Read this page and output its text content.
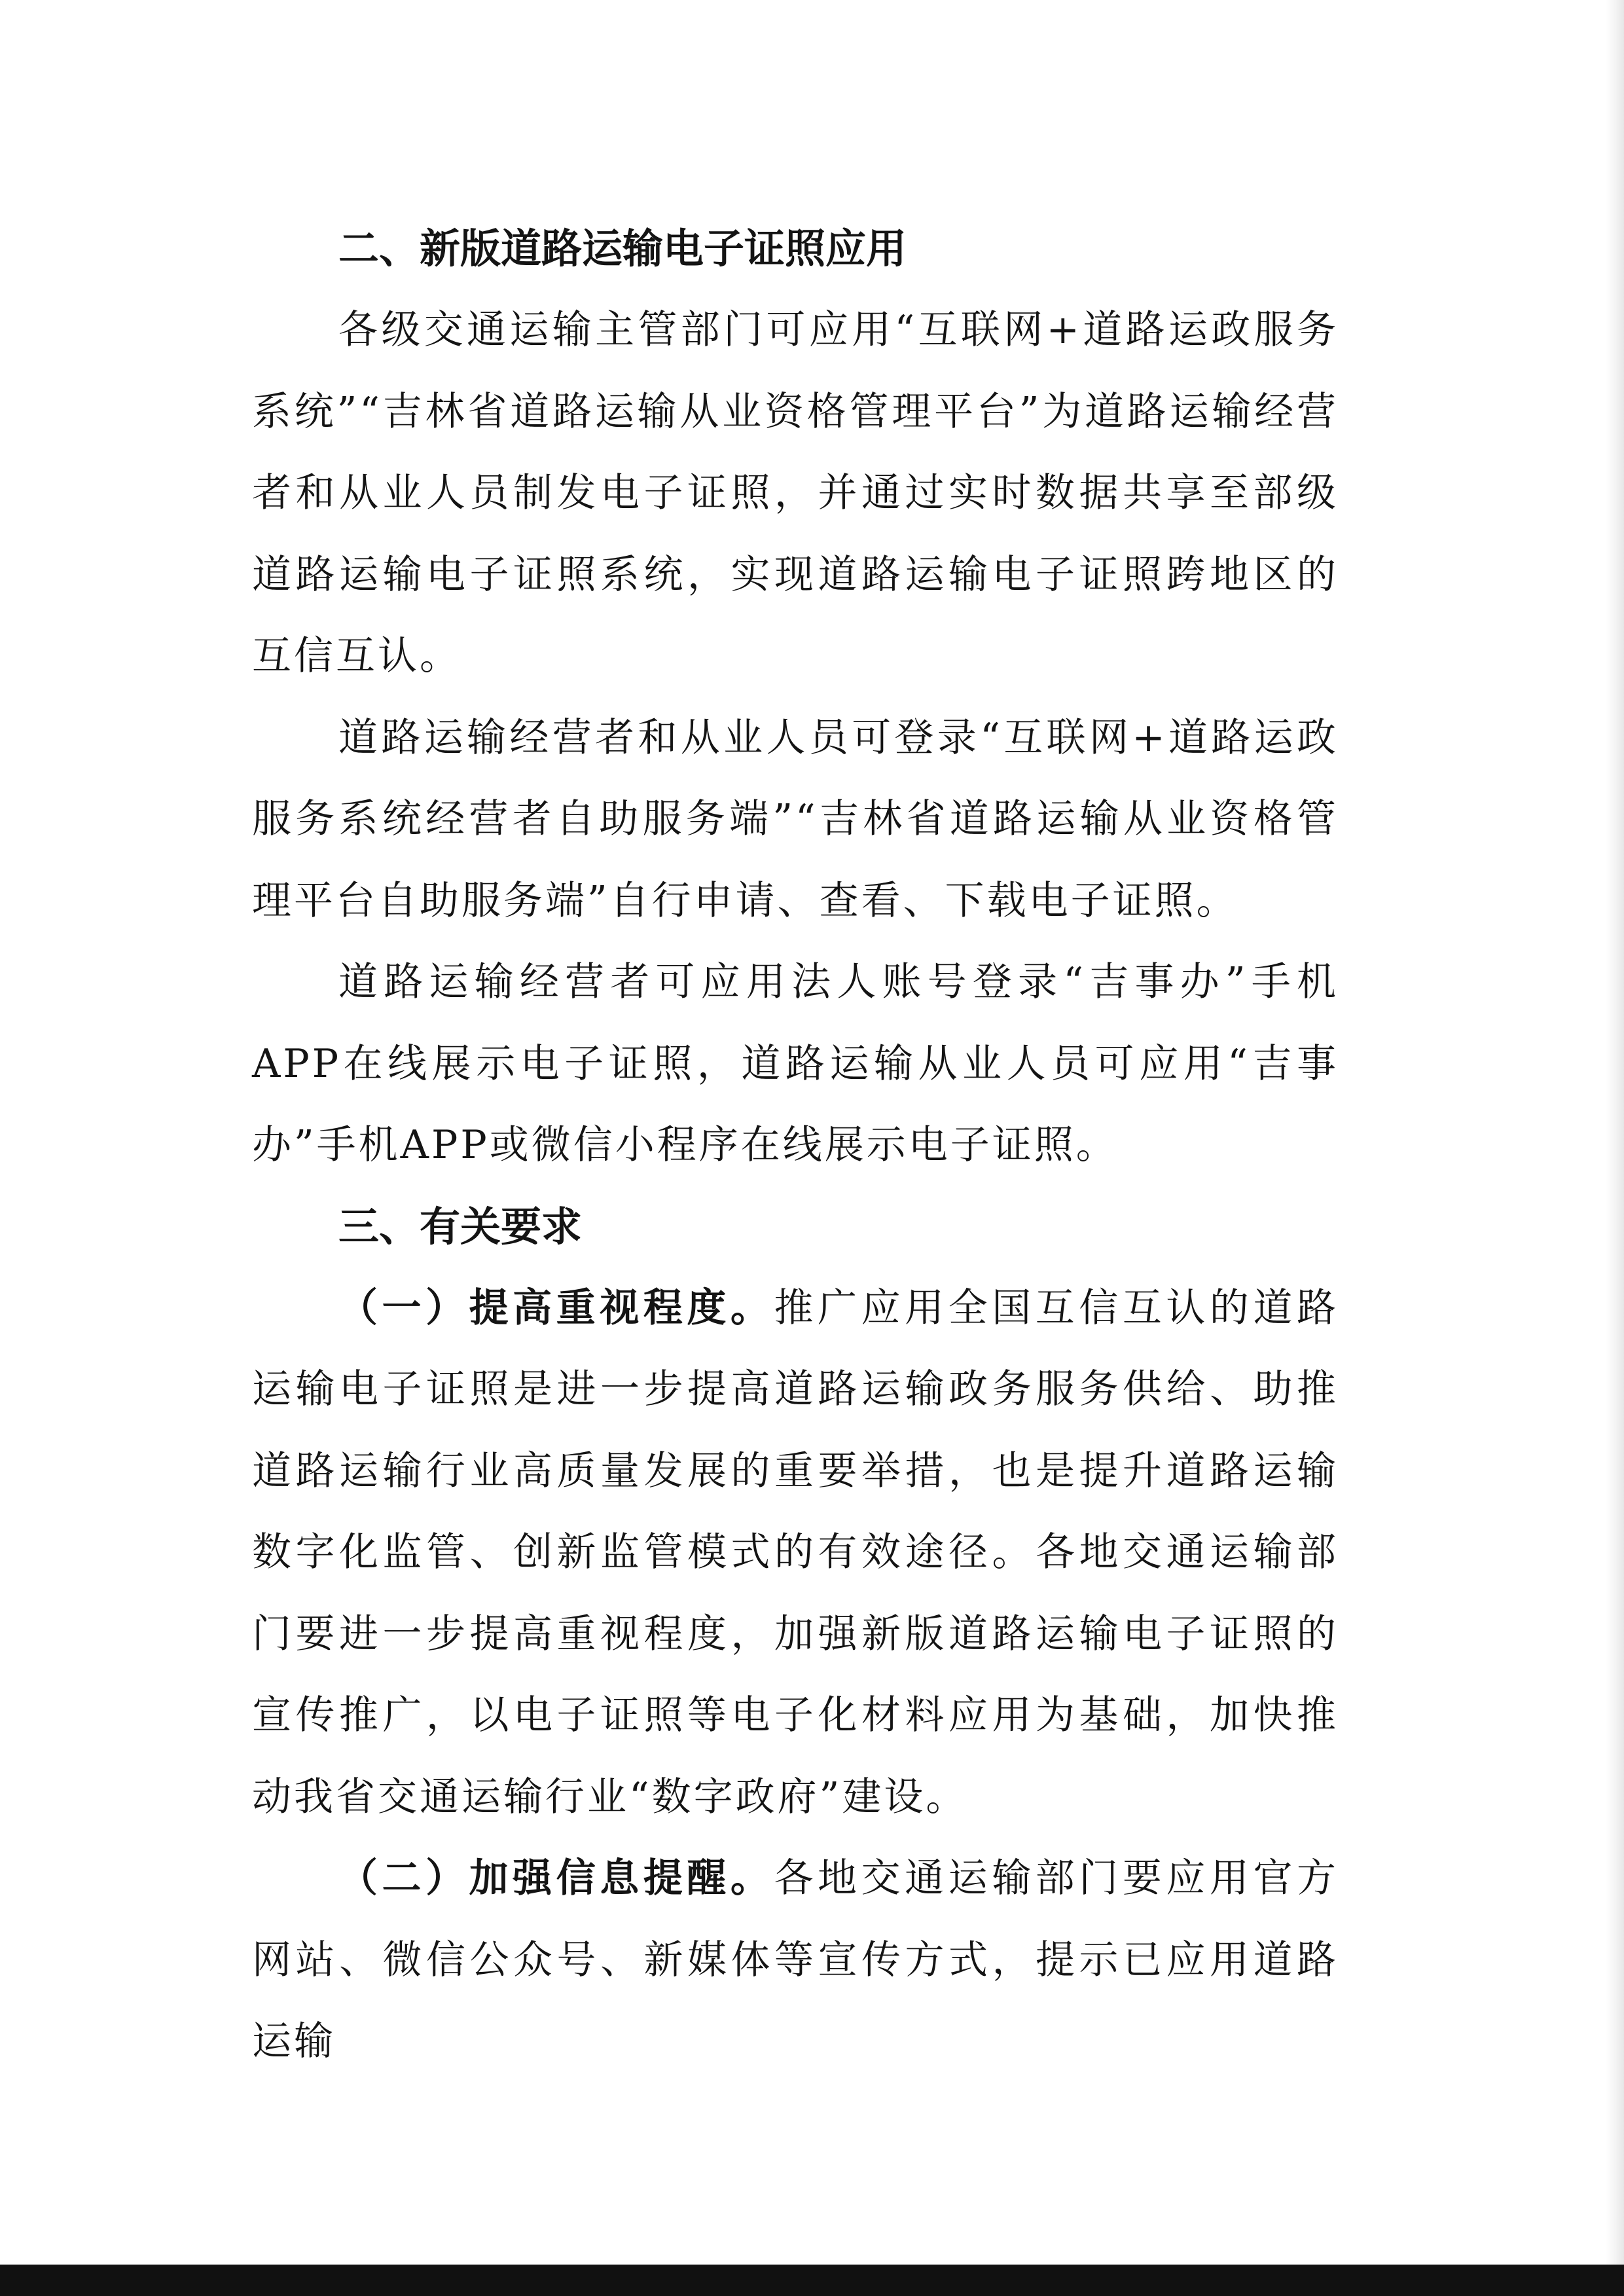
二、新版道路运输电子证照应用

各级交通运输主管部门可应用“互联网+道路运政服务系统”“吉林省道路运输从业资格管理平台”为道路运输经营者和从业人员制发电子证照，并通过实时数据共享至部级道路运输电子证照系统，实现道路运输电子证照跨地区的互信互认。

道路运输经营者和从业人员可登录“互联网+道路运政服务系统经营者自助服务端”“吉林省道路运输从业资格管理平台自助服务端”自行申请、查看、下载电子证照。

道路运输经营者可应用法人账号登录“吉事办”手机APP在线展示电子证照，道路运输从业人员可应用“吉事办”手机APP或微信小程序在线展示电子证照。

三、有关要求

（一）提高重视程度。推广应用全国互信互认的道路运输电子证照是进一步提高道路运输政务服务供给、助推道路运输行业高质量发展的重要举措，也是提升道路运输数字化监管、创新监管模式的有效途径。各地交通运输部门要进一步提高重视程度，加强新版道路运输电子证照的宣传推广，以电子证照等电子化材料应用为基础，加快推动我省交通运输行业“数字政府”建设。

（二）加强信息提醒。各地交通运输部门要应用官方网站、微信公众号、新媒体等宣传方式，提示已应用道路运输
